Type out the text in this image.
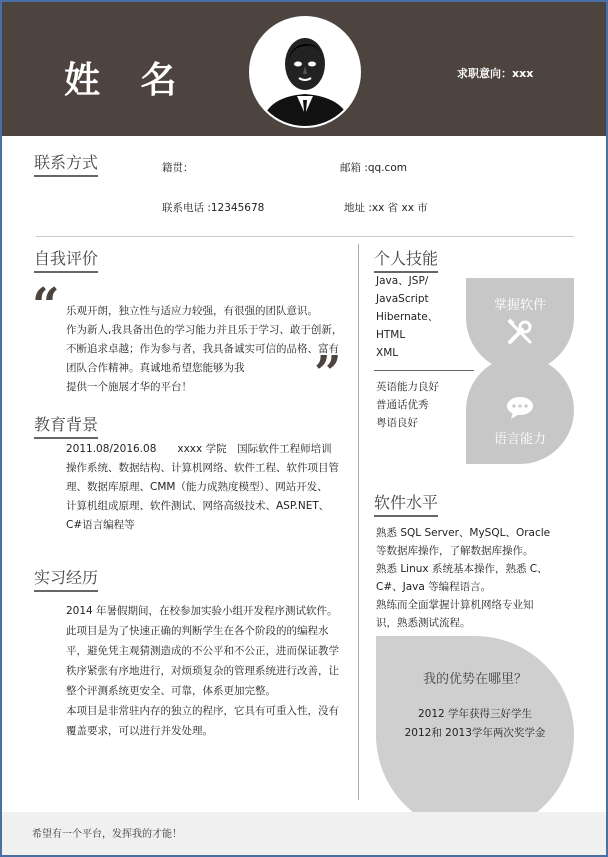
姓 名	求职意向：xxx
联系方式	籍贯：	邮箱 :qq.com
联系电话 :12345678	地址 :xx 省 xx 市
自我评价
“ 乐观开朗，独立性与适应力较强，有很强的团队意识。
作为新人,我具备出色的学习能力并且乐于学习、敢于创新，
不断追求卓越；作为参与者，我具备诚实可信的品格、富有
团队合作精神。真诚地希望您能够为我
提供一个施展才华的平台！	”
教育背景
2011.08/2016.08　　xxxx 学院　国际软件工程师培训
操作系统、数据结构、计算机网络、软件工程、软件项目管
理、数据库原理、CMM（能力成熟度模型）、网站开发、
计算机组成原理、软件测试、网络高级技术、ASP.NET、
C#语言编程等
实习经历
2014 年暑假期间，在校参加实验小组开发程序测试软件。
此项目是为了快速正确的判断学生在各个阶段的的编程水
平，避免凭主观猜测造成的不公平和不公正，进而保证教学
秩序紧张有序地进行，对烦琐复杂的管理系统进行改善，让
整个评测系统更安全、可靠，体系更加完整。
本项目是非常驻内存的独立的程序，它具有可重入性，没有
覆盖要求，可以进行并发处理。
个人技能
Java、JSP/
JavaScript
Hibernate、
HTML
XML
掌握软件
英语能力良好
普通话优秀
粤语良好
语言能力
软件水平
熟悉 SQL Server、MySQL、Oracle
等数据库操作，了解数据库操作。
熟悉 Linux 系统基本操作，熟悉 C、
C#、Java 等编程语言。
熟练而全面掌握计算机网络专业知
识，熟悉测试流程。
我的优势在哪里？
2012 学年获得三好学生
2012和 2013学年两次奖学金
希望有一个平台，发挥我的才能！
